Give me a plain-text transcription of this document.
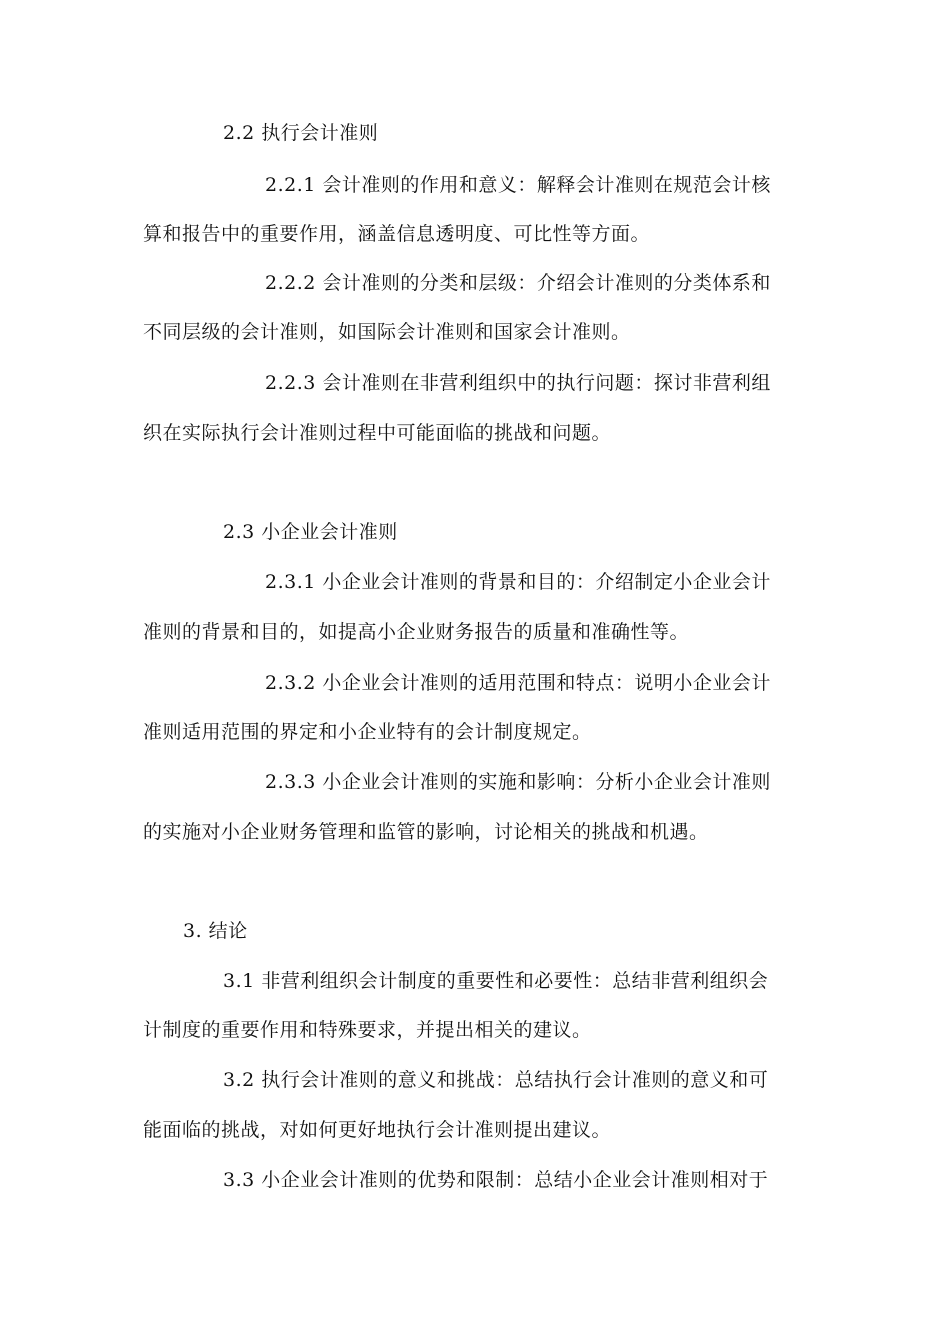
2.2 执行会计准则
2.2.1 会计准则的作用和意义：解释会计准则在规范会计核
算和报告中的重要作用，涵盖信息透明度、可比性等方面。
2.2.2 会计准则的分类和层级：介绍会计准则的分类体系和
不同层级的会计准则，如国际会计准则和国家会计准则。
2.2.3 会计准则在非营利组织中的执行问题：探讨非营利组
织在实际执行会计准则过程中可能面临的挑战和问题。
2.3 小企业会计准则
2.3.1 小企业会计准则的背景和目的：介绍制定小企业会计
准则的背景和目的，如提高小企业财务报告的质量和准确性等。
2.3.2 小企业会计准则的适用范围和特点：说明小企业会计
准则适用范围的界定和小企业特有的会计制度规定。
2.3.3 小企业会计准则的实施和影响：分析小企业会计准则
的实施对小企业财务管理和监管的影响，讨论相关的挑战和机遇。
3. 结论
3.1 非营利组织会计制度的重要性和必要性：总结非营利组织会
计制度的重要作用和特殊要求，并提出相关的建议。
3.2 执行会计准则的意义和挑战：总结执行会计准则的意义和可
能面临的挑战，对如何更好地执行会计准则提出建议。
3.3 小企业会计准则的优势和限制：总结小企业会计准则相对于
